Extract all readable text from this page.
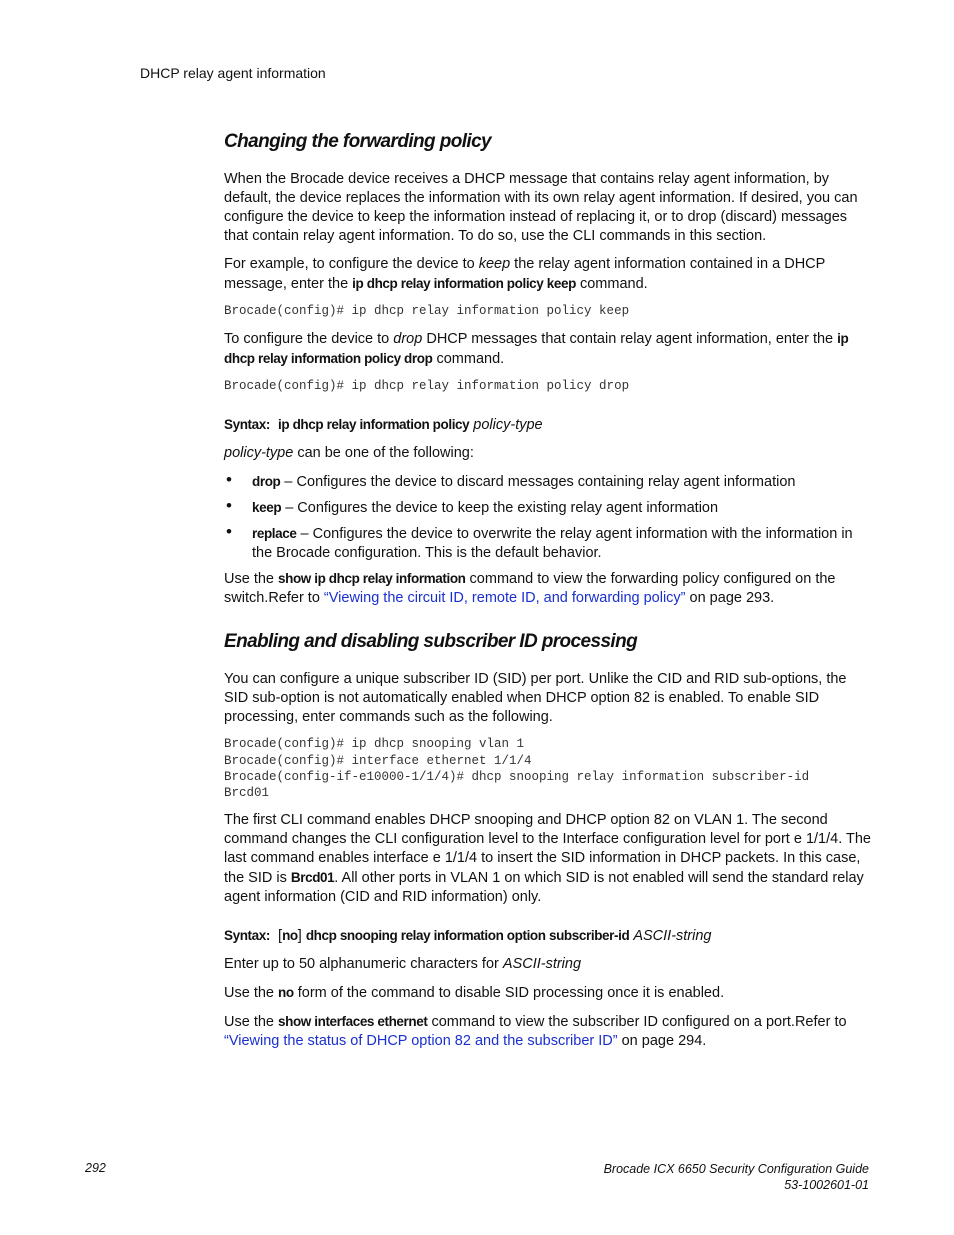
DHCP relay agent information
Changing the forwarding policy

When the Brocade device receives a DHCP message that contains relay agent information, by default, the device replaces the information with its own relay agent information. If desired, you can configure the device to keep the information instead of replacing it, or to drop (discard) messages that contain relay agent information. To do so, use the CLI commands in this section.

For example, to configure the device to keep the relay agent information contained in a DHCP message, enter the ip dhcp relay information policy keep command.

Brocade(config)# ip dhcp relay information policy keep

To configure the device to drop DHCP messages that contain relay agent information, enter the ip dhcp relay information policy drop command.

Brocade(config)# ip dhcp relay information policy drop

Syntax: ip dhcp relay information policy policy-type

policy-type can be one of the following:

• drop – Configures the device to discard messages containing relay agent information
• keep – Configures the device to keep the existing relay agent information
• replace – Configures the device to overwrite the relay agent information with the information in the Brocade configuration. This is the default behavior.

Use the show ip dhcp relay information command to view the forwarding policy configured on the switch.Refer to “Viewing the circuit ID, remote ID, and forwarding policy” on page 293.

Enabling and disabling subscriber ID processing

You can configure a unique subscriber ID (SID) per port. Unlike the CID and RID sub-options, the SID sub-option is not automatically enabled when DHCP option 82 is enabled. To enable SID processing, enter commands such as the following.

Brocade(config)# ip dhcp snooping vlan 1
Brocade(config)# interface ethernet 1/1/4
Brocade(config-if-e10000-1/1/4)# dhcp snooping relay information subscriber-id
Brcd01

The first CLI command enables DHCP snooping and DHCP option 82 on VLAN 1. The second command changes the CLI configuration level to the Interface configuration level for port e 1/1/4. The last command enables interface e 1/1/4 to insert the SID information in DHCP packets. In this case, the SID is Brcd01. All other ports in VLAN 1 on which SID is not enabled will send the standard relay agent information (CID and RID information) only.

Syntax: [no] dhcp snooping relay information option subscriber-id ASCII-string

Enter up to 50 alphanumeric characters for ASCII-string

Use the no form of the command to disable SID processing once it is enabled.

Use the show interfaces ethernet command to view the subscriber ID configured on a port.Refer to “Viewing the status of DHCP option 82 and the subscriber ID” on page 294.

292	Brocade ICX 6650 Security Configuration Guide
53-1002601-01
